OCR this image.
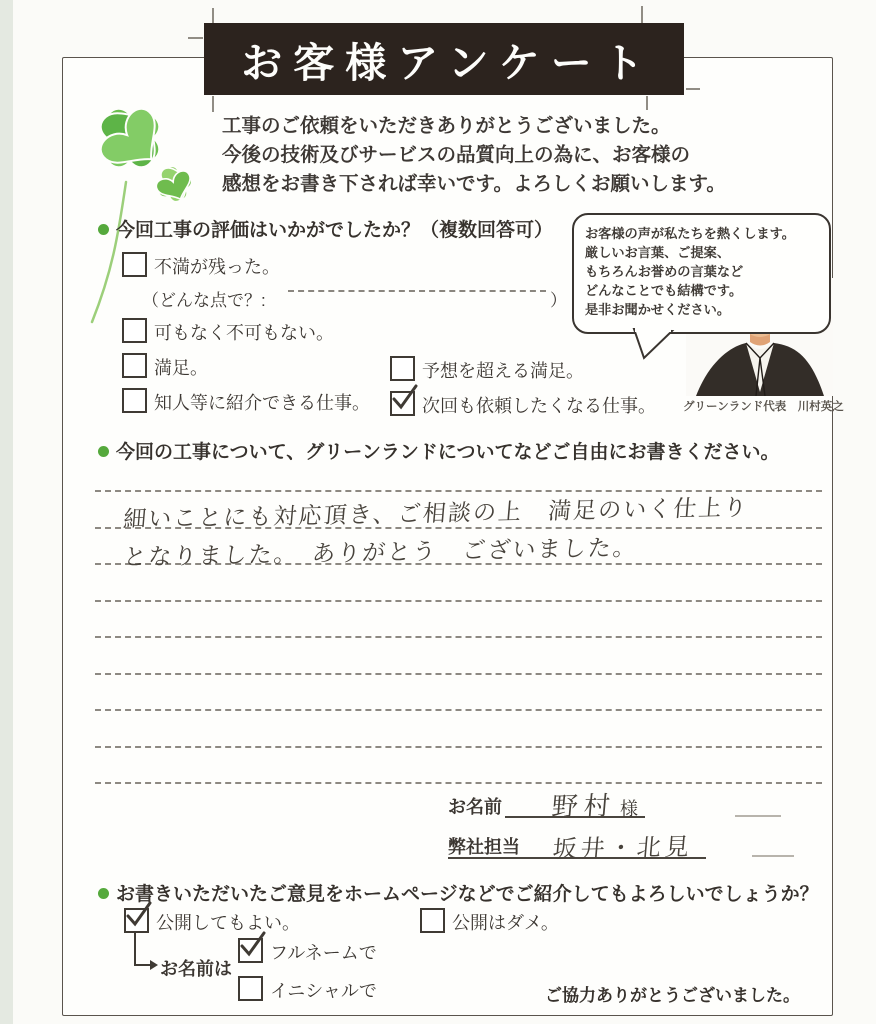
お客様アンケート
工事のご依頼をいただきありがとうございました。
今後の技術及びサービスの品質向上の為に、お客様の
感想をお書き下されば幸いです。よろしくお願いします。
今回工事の評価はいかがでしたか？（複数回答可）
不満が残った。
（どんな点で？:	）
可もなく不可もない。
満足。	予想を超える満足。
知人等に紹介できる仕事。	次回も依頼したくなる仕事。
お客様の声が私たちを熱くします。
厳しいお言葉、ご提案、
もちろんお誉めの言葉など
どんなことでも結構です。
是非お聞かせください。
グリーンランド代表　川村英之
今回の工事について、グリーンランドについてなどご自由にお書きください。
細いことにも対応頂き、ご相談の上　満足のいく仕上り
となりました。　ありがとう　ございました。
お名前 野村 様
弊社担当 坂井・北見
お書きいただいたご意見をホームページなどでご紹介してもよろしいでしょうか？
公開してもよい。	公開はダメ。
お名前は
フルネームで
イニシャルで	ご協力ありがとうございました。
